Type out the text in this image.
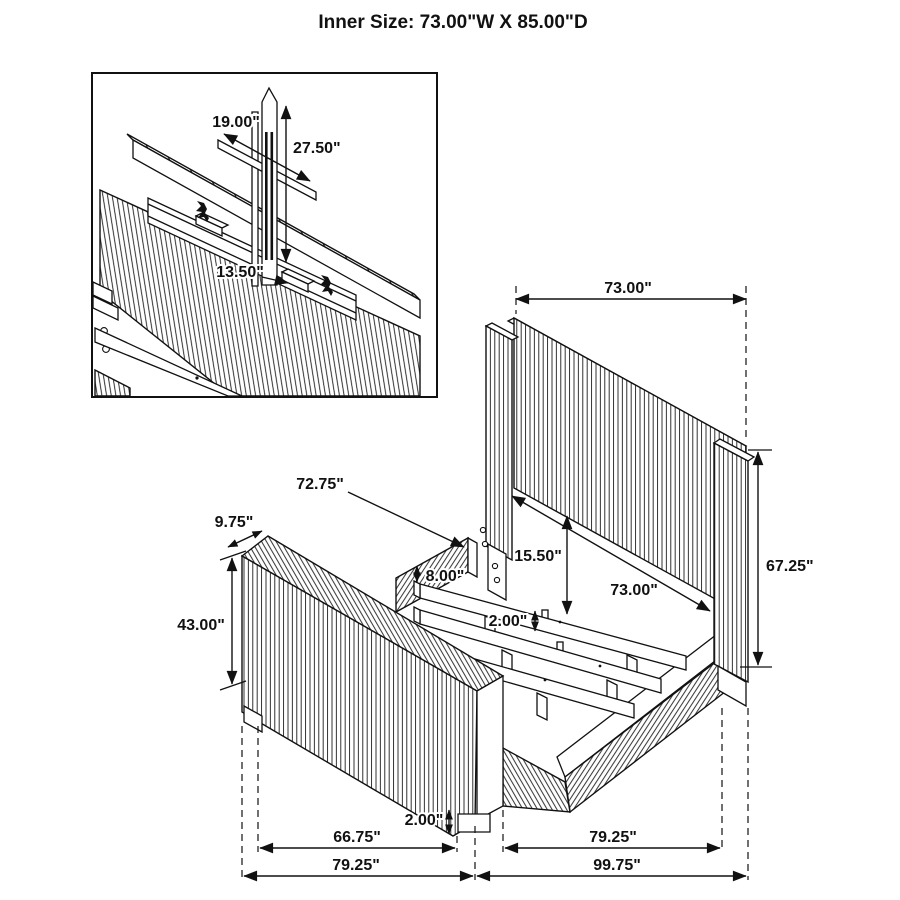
Inner Size: 73.00"W X 85.00"D
19.00"
27.50"
13.50"
73.00"
67.25"
72.75"
9.75"
43.00"
15.50"
8.00"
73.00"
2.00"
2.00"
66.75"
79.25"
79.25"
99.75"
